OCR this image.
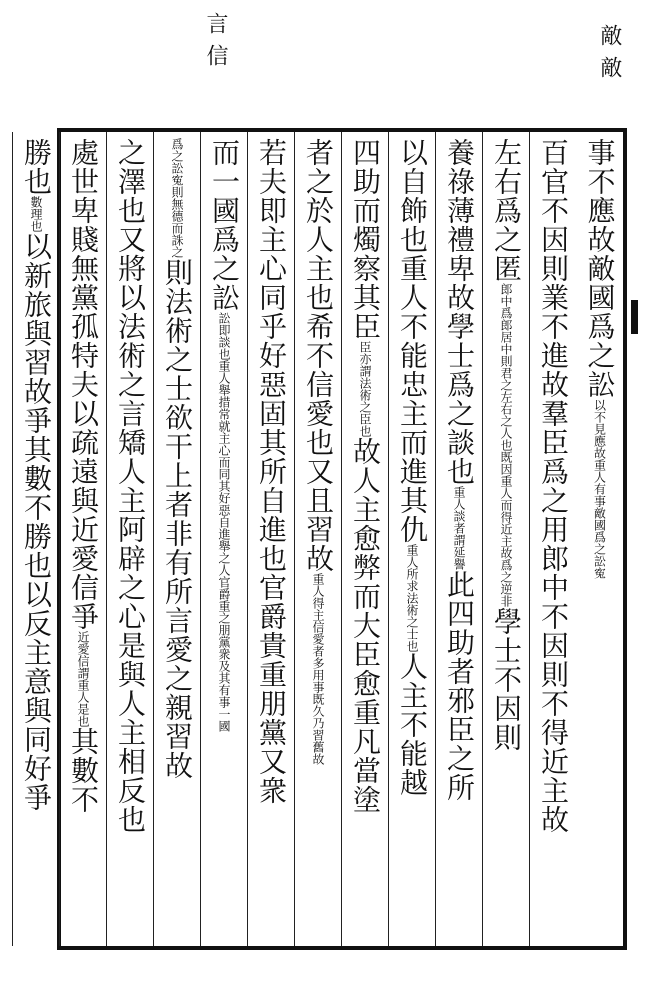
言信	敵敵
事不應故敵國爲之訟以不見應故重人有事敵國爲之訟寃
百官不因則業不進故羣臣爲之用郎中不因則不得近主故
左右爲之匿郎中爲郎居中則君之左右之人也既因重人而得近主故爲之逆非學士不因則
養祿薄禮卑故學士爲之談也重人談者謂延譽此四助者邪臣之所
以自飾也重人不能忠主而進其仇重人所求法術之士也人主不能越
四助而燭察其臣臣亦謂法術之臣也故人主愈弊而大臣愈重凡當塗
者之於人主也希不信愛也又且習故重人得主信愛者多用事既久乃習舊故
若夫即主心同乎好惡固其所自進也官爵貴重朋黨又衆
而一國爲之訟訟即談也重人舉措常就主心而同其好惡自進舉之人官爵重之朋黨衆及其有事一國
爲之訟寃則無德而誅之則法術之士欲干上者非有所言愛之親習故
之澤也又將以法術之言矯人主阿辟之心是與人主相反也
處世卑賤無黨孤特夫以疏遠與近愛信爭近愛信謂重人是也其數不
勝也數理也以新旅與習故爭其數不勝也以反主意與同好爭
